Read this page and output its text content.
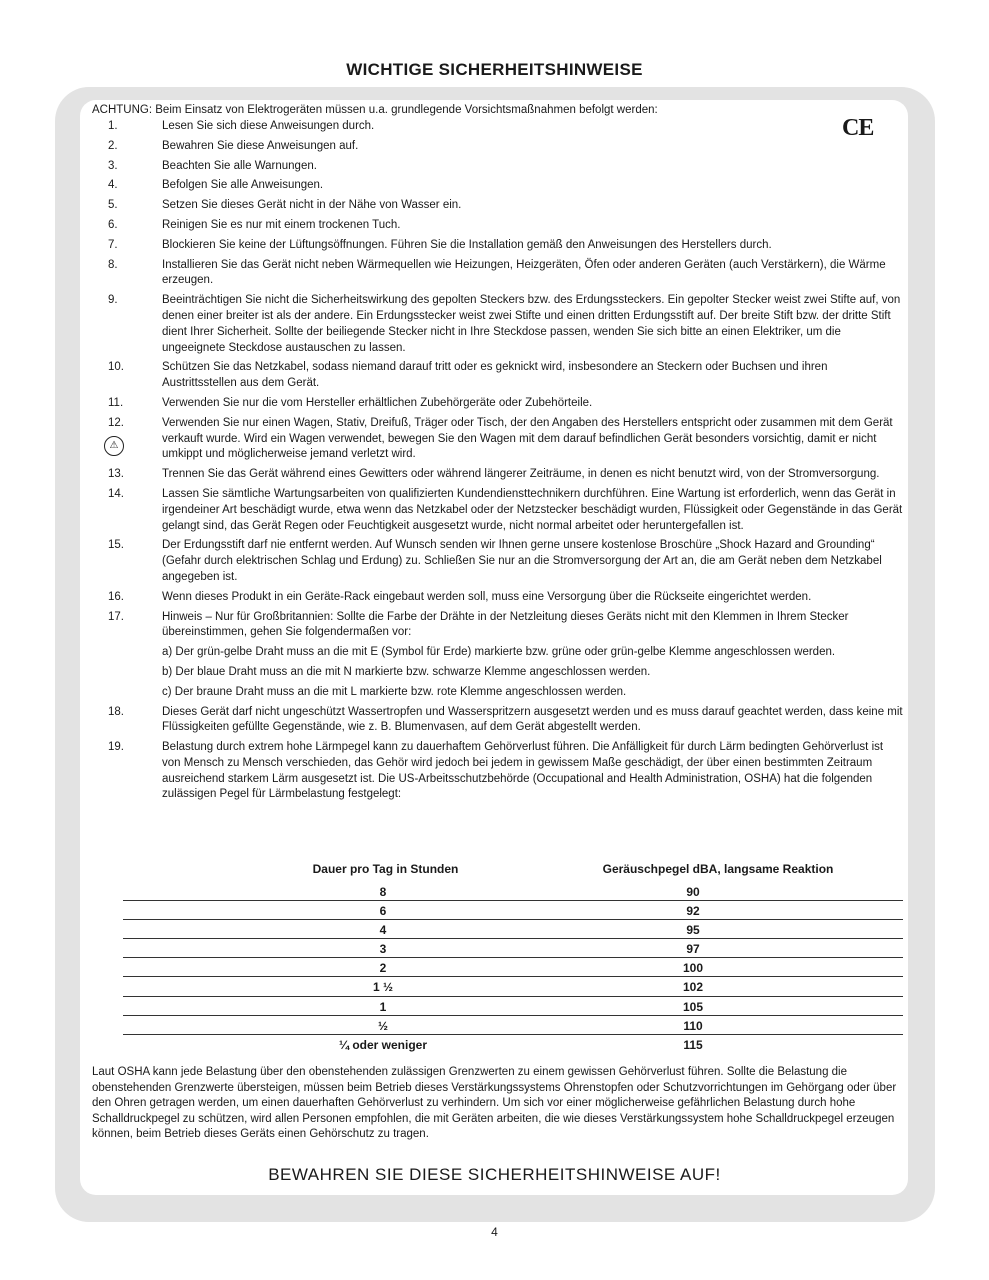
WICHTIGE SICHERHEITSHINWEISE
ACHTUNG: Beim Einsatz von Elektrogeräten müssen u.a. grundlegende Vorsichtsmaßnahmen befolgt werden:
CE
⚠
1.	Lesen Sie sich diese Anweisungen durch.
2.	Bewahren Sie diese Anweisungen auf.
3.	Beachten Sie alle Warnungen.
4.	Befolgen Sie alle Anweisungen.
5.	Setzen Sie dieses Gerät nicht in der Nähe von Wasser ein.
6.	Reinigen Sie es nur mit einem trockenen Tuch.
7.	Blockieren Sie keine der Lüftungsöffnungen. Führen Sie die Installation gemäß den Anweisungen des Herstellers durch.
8.	Installieren Sie das Gerät nicht neben Wärmequellen wie Heizungen, Heizgeräten, Öfen oder anderen Geräten (auch Verstärkern), die Wärme erzeugen.
9.	Beeinträchtigen Sie nicht die Sicherheitswirkung des gepolten Steckers bzw. des Erdungssteckers. Ein gepolter Stecker weist zwei Stifte auf, von denen einer breiter ist als der andere. Ein Erdungsstecker weist zwei Stifte und einen dritten Erdungsstift auf. Der breite Stift bzw. der dritte Stift dient Ihrer Sicherheit. Sollte der beiliegende Stecker nicht in Ihre Steckdose passen, wenden Sie sich bitte an einen Elektriker, um die ungeeignete Steckdose austauschen zu lassen.
10.	Schützen Sie das Netzkabel, sodass niemand darauf tritt oder es geknickt wird, insbesondere an Steckern oder Buchsen und ihren Austrittsstellen aus dem Gerät.
11.	Verwenden Sie nur die vom Hersteller erhältlichen Zubehörgeräte oder Zubehörteile.
12.	Verwenden Sie nur einen Wagen, Stativ, Dreifuß, Träger oder Tisch, der den Angaben des Herstellers entspricht oder zusammen mit dem Gerät verkauft wurde. Wird ein Wagen verwendet, bewegen Sie den Wagen mit dem darauf befindlichen Gerät besonders vorsichtig, damit er nicht umkippt und möglicherweise jemand verletzt wird.
13.	Trennen Sie das Gerät während eines Gewitters oder während längerer Zeiträume, in denen es nicht benutzt wird, von der Stromversorgung.
14.	Lassen Sie sämtliche Wartungsarbeiten von qualifizierten Kundendiensttechnikern durchführen. Eine Wartung ist erforderlich, wenn das Gerät in irgendeiner Art beschädigt wurde, etwa wenn das Netzkabel oder der Netzstecker beschädigt wurden, Flüssigkeit oder Gegenstände in das Gerät gelangt sind, das Gerät Regen oder Feuchtigkeit ausgesetzt wurde, nicht normal arbeitet oder heruntergefallen ist.
15.	Der Erdungsstift darf nie entfernt werden. Auf Wunsch senden wir Ihnen gerne unsere kostenlose Broschüre „Shock Hazard and Grounding“ (Gefahr durch elektrischen Schlag und Erdung) zu. Schließen Sie nur an die Stromversorgung der Art an, die am Gerät neben dem Netzkabel angegeben ist.
16.	Wenn dieses Produkt in ein Geräte-Rack eingebaut werden soll, muss eine Versorgung über die Rückseite eingerichtet werden.
17.	Hinweis – Nur für Großbritannien: Sollte die Farbe der Drähte in der Netzleitung dieses Geräts nicht mit den Klemmen in Ihrem Stecker übereinstimmen, gehen Sie folgendermaßen vor:
a) Der grün-gelbe Draht muss an die mit E (Symbol für Erde) markierte bzw. grüne oder grün-gelbe Klemme angeschlossen werden.
b) Der blaue Draht muss an die mit N markierte bzw. schwarze Klemme angeschlossen werden.
c) Der braune Draht muss an die mit L markierte bzw. rote Klemme angeschlossen werden.
18.	Dieses Gerät darf nicht ungeschützt Wassertropfen und Wasserspritzern ausgesetzt werden und es muss darauf geachtet werden, dass keine mit Flüssigkeiten gefüllte Gegenstände, wie z. B. Blumenvasen, auf dem Gerät abgestellt werden.
19.	Belastung durch extrem hohe Lärmpegel kann zu dauerhaftem Gehörverlust führen. Die Anfälligkeit für durch Lärm bedingten Gehörverlust ist von Mensch zu Mensch verschieden, das Gehör wird jedoch bei jedem in gewissem Maße geschädigt, der über einen bestimmten Zeitraum ausreichend starkem Lärm ausgesetzt ist. Die US-Arbeitsschutzbehörde (Occupational and Health Administration, OSHA) hat die folgenden zulässigen Pegel für Lärmbelastung festgelegt:
Dauer pro Tag in Stunden	Geräuschpegel dBA, langsame Reaktion
8	90
6	92
4	95
3	97
2	100
1 ½	102
1	105
½	110
¼ oder weniger	115
Laut OSHA kann jede Belastung über den obenstehenden zulässigen Grenzwerten zu einem gewissen Gehörverlust führen. Sollte die Belastung die obenstehenden Grenzwerte übersteigen, müssen beim Betrieb dieses Verstärkungssystems Ohrenstopfen oder Schutzvorrichtungen im Gehörgang oder über den Ohren getragen werden, um einen dauerhaften Gehörverlust zu verhindern. Um sich vor einer möglicherweise gefährlichen Belastung durch hohe Schalldruckpegel zu schützen, wird allen Personen empfohlen, die mit Geräten arbeiten, die wie dieses Verstärkungssystem hohe Schalldruckpegel erzeugen können, beim Betrieb dieses Geräts einen Gehörschutz zu tragen.
BEWAHREN SIE DIESE SICHERHEITSHINWEISE AUF!
4
